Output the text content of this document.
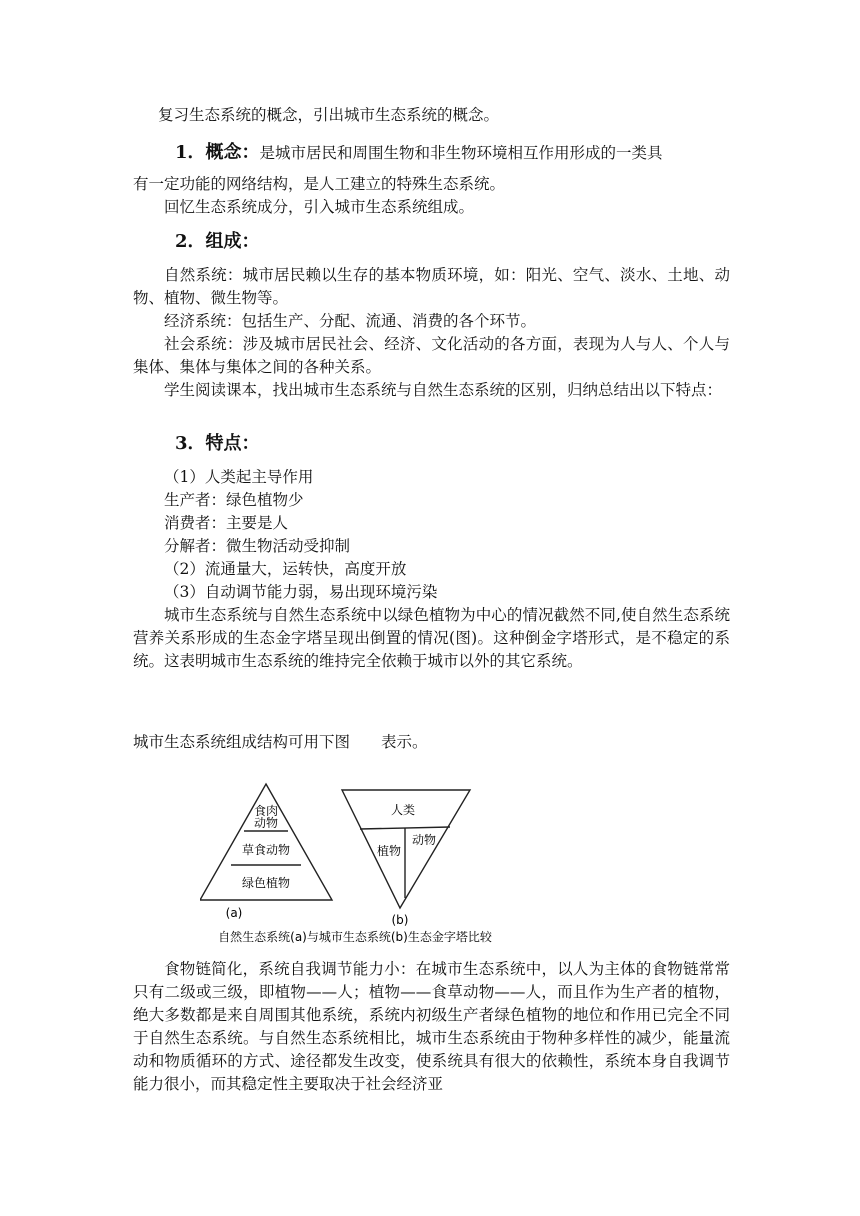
复习生态系统的概念，引出城市生态系统的概念。
1．概念：是城市居民和周围生物和非生物环境相互作用形成的一类具
有一定功能的网络结构，是人工建立的特殊生态系统。
回忆生态系统成分，引入城市生态系统组成。
2．组成：
自然系统：城市居民赖以生存的基本物质环境，如：阳光、空气、淡水、土地、动物、植物、微生物等。
经济系统：包括生产、分配、流通、消费的各个环节。
社会系统：涉及城市居民社会、经济、文化活动的各方面，表现为人与人、个人与集体、集体与集体之间的各种关系。
学生阅读课本，找出城市生态系统与自然生态系统的区别，归纳总结出以下特点：
3．特点：
（1）人类起主导作用
生产者：绿色植物少
消费者：主要是人
分解者：微生物活动受抑制
（2）流通量大，运转快，高度开放
（3）自动调节能力弱，易出现环境污染
城市生态系统与自然生态系统中以绿色植物为中心的情况截然不同,使自然生态系统营养关系形成的生态金字塔呈现出倒置的情况(图)。这种倒金字塔形式，是不稳定的系统。这表明城市生态系统的维持完全依赖于城市以外的其它系统。
城市生态系统组成结构可用下图　　表示。
食肉
动物
草食动物
绿色植物
(a)
人类
植物
动物
(b)
自然生态系统(a)与城市生态系统(b)生态金字塔比较
食物链简化，系统自我调节能力小：在城市生态系统中，以人为主体的食物链常常只有二级或三级，即植物——人；植物——食草动物——人，而且作为生产者的植物，绝大多数都是来自周围其他系统，系统内初级生产者绿色植物的地位和作用已完全不同于自然生态系统。与自然生态系统相比，城市生态系统由于物种多样性的减少，能量流动和物质循环的方式、途径都发生改变，使系统具有很大的依赖性，系统本身自我调节能力很小，而其稳定性主要取决于社会经济亚
